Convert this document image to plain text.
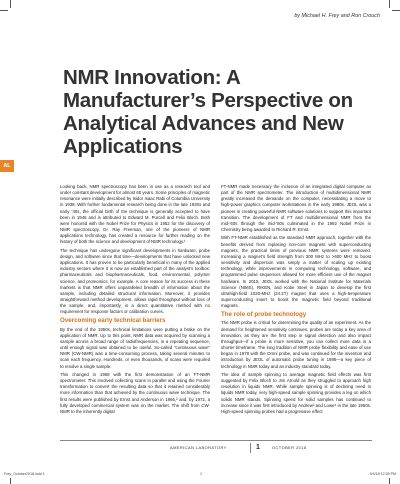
by Michael H. Frey and Ron Crouch
AL
NMR Innovation: A Manufacturer’s Perspective on Analytical Advances and New Applications

Looking back, NMR spectroscopy has been in use as a research tool and under constant development for almost 60 years. Some principles of magnetic resonance were initially described by Isidor Isaac Rabi of Columbia University in 1938. With further fundamental research being done in the late 1930s and early ’40s, the official birth of the technique is generally accepted to have been in 1946 and is attributed to Edward M. Purcell and Felix Bloch. Both were honored with the Nobel Prize for Physics in 1952 for the discovery of NMR spectroscopy. Dr. Ray Freeman, one of the pioneers of NMR applications technology, has created a resource for further reading on the history of both the science and development of NMR technology.¹

The technique has undergone significant developments in hardware, probe design, and software since that time—developments that have unlocked new applications. It has proven to be particularly beneficial in many of the applied industry sectors where it is now an established part of the analyst’s toolbox: pharmaceuticals and biopharmaceuticals, food, environmental, polymer science, and proteomics, for example. A core reason for its success in these markets is that NMR offers unparalleled breadth of information about the sample, including detailed structural information. Moreover, it provides straightforward method development, allows rapid throughput without loss of the sample, and, importantly, is a direct quantitative method with no requirement for response factors or calibration curves.

Overcoming early technical barriers

By the end of the 1950s, technical limitations were putting a brake on the application of NMR. Up to this point, NMR data was acquired by scanning a sample across a broad range of radiofrequencies, in a repeating sequence, until enough signal was obtained to be useful. So-called “continuous wave” NMR (CW-NMR) was a time-consuming process, taking several minutes to scan each frequency. Hundreds, or even thousands, of scans were required to resolve a single sample.

This changed in 1969 with the first demonstration of an FT-NMR spectrometer. This involved collecting scans in parallel and using the Fourier transformation to convert the resulting data so that it retained considerably more information than that achieved by the continuous wave technique. The first results were published by Ernst and Anderson in 1966,² and, by 1972, a fully developed commercial system was on the market. The shift from CW-NMR to the inherently digital

FT-NMR made necessary the inclusion of an integrated digital computer as part of the NMR spectrometer. The introduction of multidimensional NMR greatly increased the demands on the computer, necessitating a move to high-power graphics computer workstations in the early 1980s. JEOL was a pioneer in creating powerful NMR software solutions to support this important transition. The development of FT and multidimensional NMR from the mid-’60s through the mid-’80s culminated in the 1992 Nobel Prize in Chemistry being awarded to Richard R. Ernst.

With FT-NMR established as the standard NMR approach, together with the benefits derived from replacing iron-core magnets with superconducting magnets, the practical limits of previous NMR systems were removed. Increasing a magnet’s field strength from 300 MHz to >600 MHz to boost sensitivity and dispersion was simply a matter of scaling up existing technology, while improvements in computing technology, software, and programmed pulse sequences allowed for more efficient use of the magnet hardware. In 2015, JEOL worked with the National Institute for Materials Science (NIMS), RIKEN, and Kobe Steel in Japan to develop the first ultrahigh-field 1020-MHz (24.2T) magnet that uses a high-temperature superconducting insert to boost the magnetic field beyond traditional magnets.

The role of probe technology

The NMR probe is critical for determining the quality of an experiment. As the demand for heightened sensitivity continues, probes are today a key area of innovation, as they are the first step in signal detection and also impact throughput—if a probe is more sensitive, you can collect more data in a shorter timeframe. The long tradition of NMR probe flexibility and ease of use began in 1978 with the Omni probe, and was continued for the invention and introduction by JEOL of automatic probe tuning in 1986—a key piece of technology in NMR today and an industry standard today.

The idea of sample spinning to average magnetic field effects was first suggested by Felix Bloch to Jim Arnold as they struggled to approach high resolution in liquids NMR. While sample spinning is of declining need in liquids NMR today, very high-speed sample spinning provides a leg on which solids NMR stands. Spinning speed for solid samples has continued to increase since it was first introduced by Andrew³ and Lowe⁴ in the late 1950s. High-speed spinning probes had a progressive effect

AMERICAN LABORATORY	1	OCTOBER 2018
Frey_October2018.indd 1	1	9/4/18 12:39 PM
